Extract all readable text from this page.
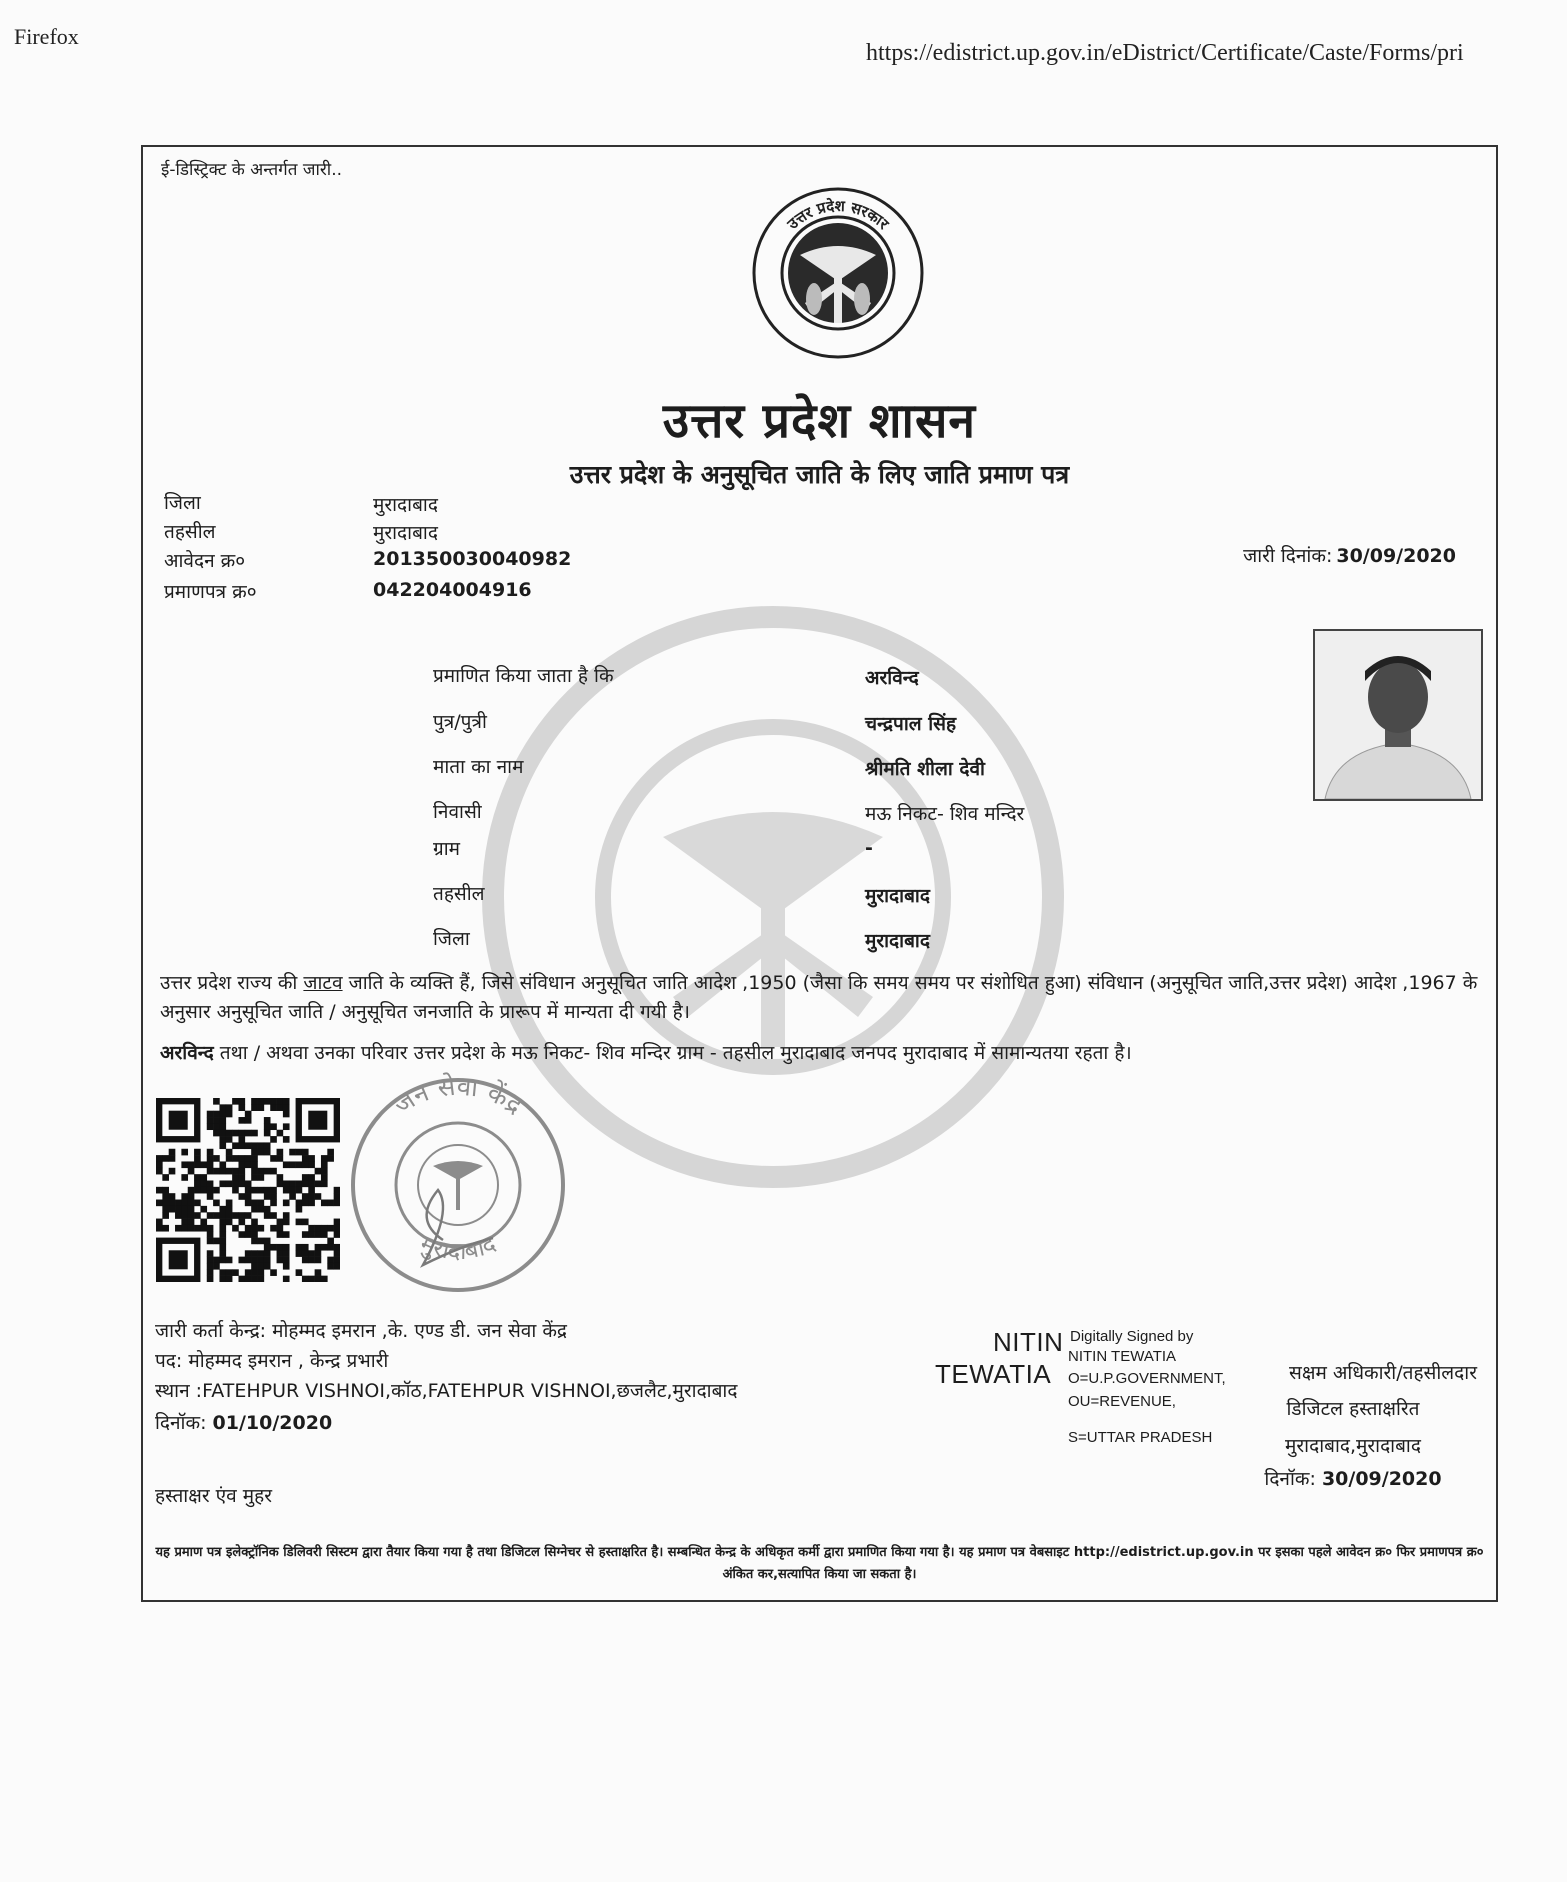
Firefox
https://edistrict.up.gov.in/eDistrict/Certificate/Caste/Forms/pri
ई-डिस्ट्रिक्ट के अन्तर्गत जारी..
उत्तर प्रदेश सरकार
उत्तर प्रदेश शासन
उत्तर प्रदेश के अनुसूचित जाति के लिए जाति प्रमाण पत्र
जिला	मुरादाबाद
तहसील	मुरादाबाद
आवेदन क्र०	201350030040982
प्रमाणपत्र क्र०	042204004916
जारी दिनांक: 30/09/2020
प्रमाणित किया जाता है कि	अरविन्द
पुत्र/पुत्री	चन्द्रपाल सिंह
माता का नाम	श्रीमति शीला देवी
निवासी	मऊ निकट- शिव मन्दिर
ग्राम	-
तहसील	मुरादाबाद
जिला	मुरादाबाद
उत्तर प्रदेश राज्य की जाटव जाति के व्यक्ति हैं, जिसे संविधान अनुसूचित जाति आदेश ,1950 (जैसा कि समय समय पर संशोधित हुआ) संविधान (अनुसूचित जाति,उत्तर प्रदेश) आदेश ,1967 के अनुसार अनुसूचित जाति / अनुसूचित जनजाति के प्रारूप में मान्यता दी गयी है।
अरविन्द तथा / अथवा उनका परिवार उत्तर प्रदेश के मऊ निकट- शिव मन्दिर ग्राम - तहसील मुरादाबाद जनपद मुरादाबाद में सामान्यतया रहता है।
जन सेवा केंद्र
मुरादाबाद
जारी कर्ता केन्द्र: मोहम्मद इमरान ,के. एण्ड डी. जन सेवा केंद्र
पद: मोहम्मद इमरान , केन्द्र प्रभारी
स्थान :FATEHPUR VISHNOI,कॉठ,FATEHPUR VISHNOI,छजलैट,मुरादाबाद
दिनॉक: 01/10/2020
NITIN
TEWATIA
Digitally Signed by
NITIN TEWATIA
O=U.P.GOVERNMENT,
OU=REVENUE,
S=UTTAR PRADESH
सक्षम अधिकारी/तहसीलदार
डिजिटल हस्ताक्षरित
मुरादाबाद,मुरादाबाद
दिनॉक: 30/09/2020
हस्ताक्षर एंव मुहर
यह प्रमाण पत्र इलेक्ट्रॉनिक डिलिवरी सिस्टम द्वारा तैयार किया गया है तथा डिजिटल सिग्नेचर से हस्ताक्षरित है। सम्बन्धित केन्द्र के अधिकृत कर्मी द्वारा प्रमाणित किया गया है। यह प्रमाण पत्र वेबसाइट http://edistrict.up.gov.in पर इसका पहले आवेदन क्र० फिर प्रमाणपत्र क्र० अंकित कर,सत्यापित किया जा सकता है।
